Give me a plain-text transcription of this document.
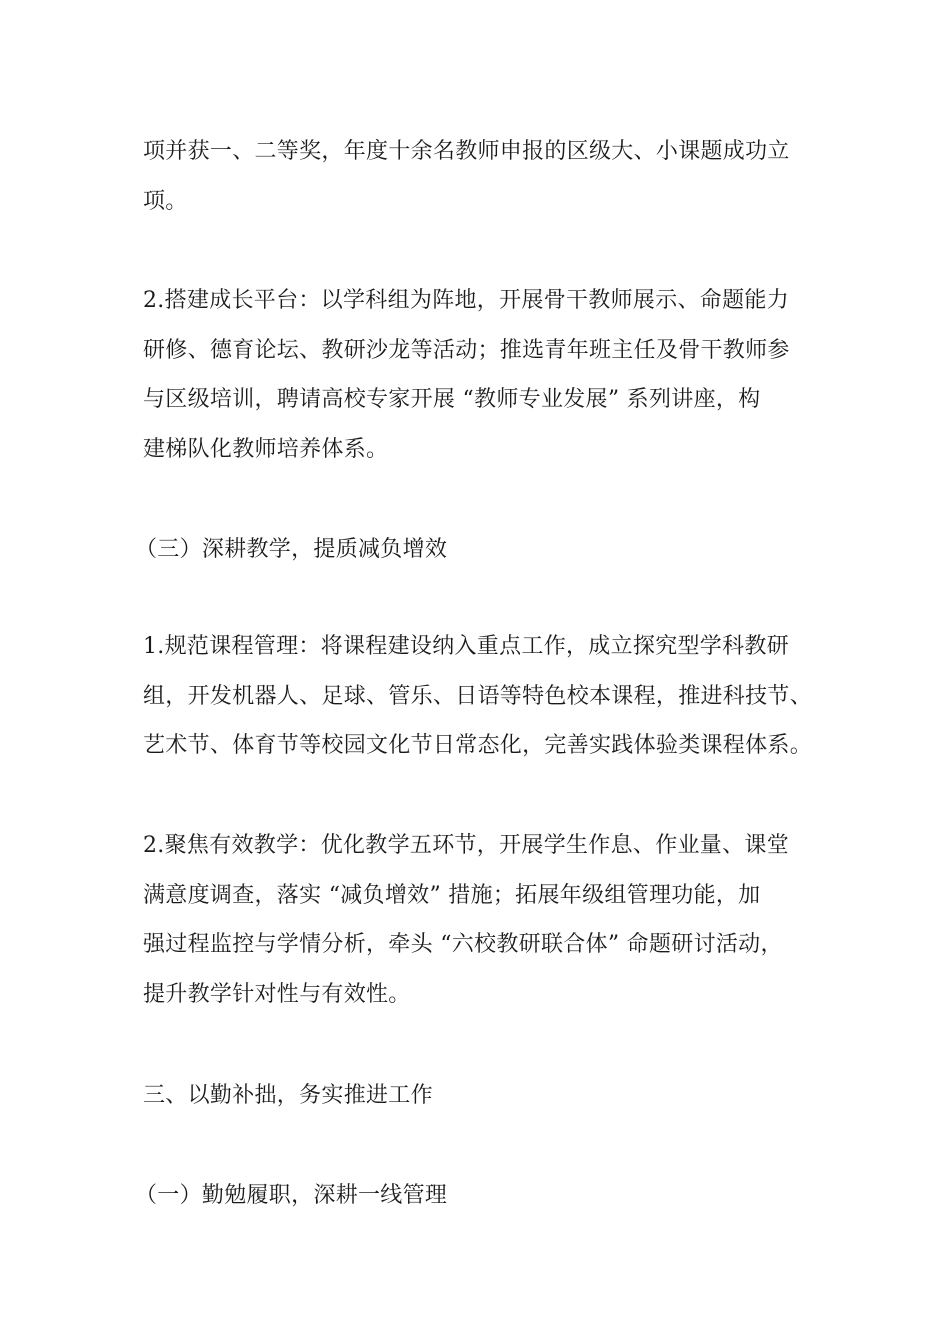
项并获一、二等奖，年度十余名教师申报的区级大、小课题成功立
项。
2.搭建成长平台：以学科组为阵地，开展骨干教师展示、命题能力
研修、德育论坛、教研沙龙等活动；推选青年班主任及骨干教师参
与区级培训，聘请高校专家开展 “教师专业发展” 系列讲座，构
建梯队化教师培养体系。
（三）深耕教学，提质减负增效
1.规范课程管理：将课程建设纳入重点工作，成立探究型学科教研
组，开发机器人、足球、管乐、日语等特色校本课程，推进科技节、
艺术节、体育节等校园文化节日常态化，完善实践体验类课程体系。
2.聚焦有效教学：优化教学五环节，开展学生作息、作业量、课堂
满意度调查，落实 “减负增效” 措施；拓展年级组管理功能，加
强过程监控与学情分析，牵头 “六校教研联合体” 命题研讨活动，
提升教学针对性与有效性。
三、以勤补拙，务实推进工作
（一）勤勉履职，深耕一线管理
